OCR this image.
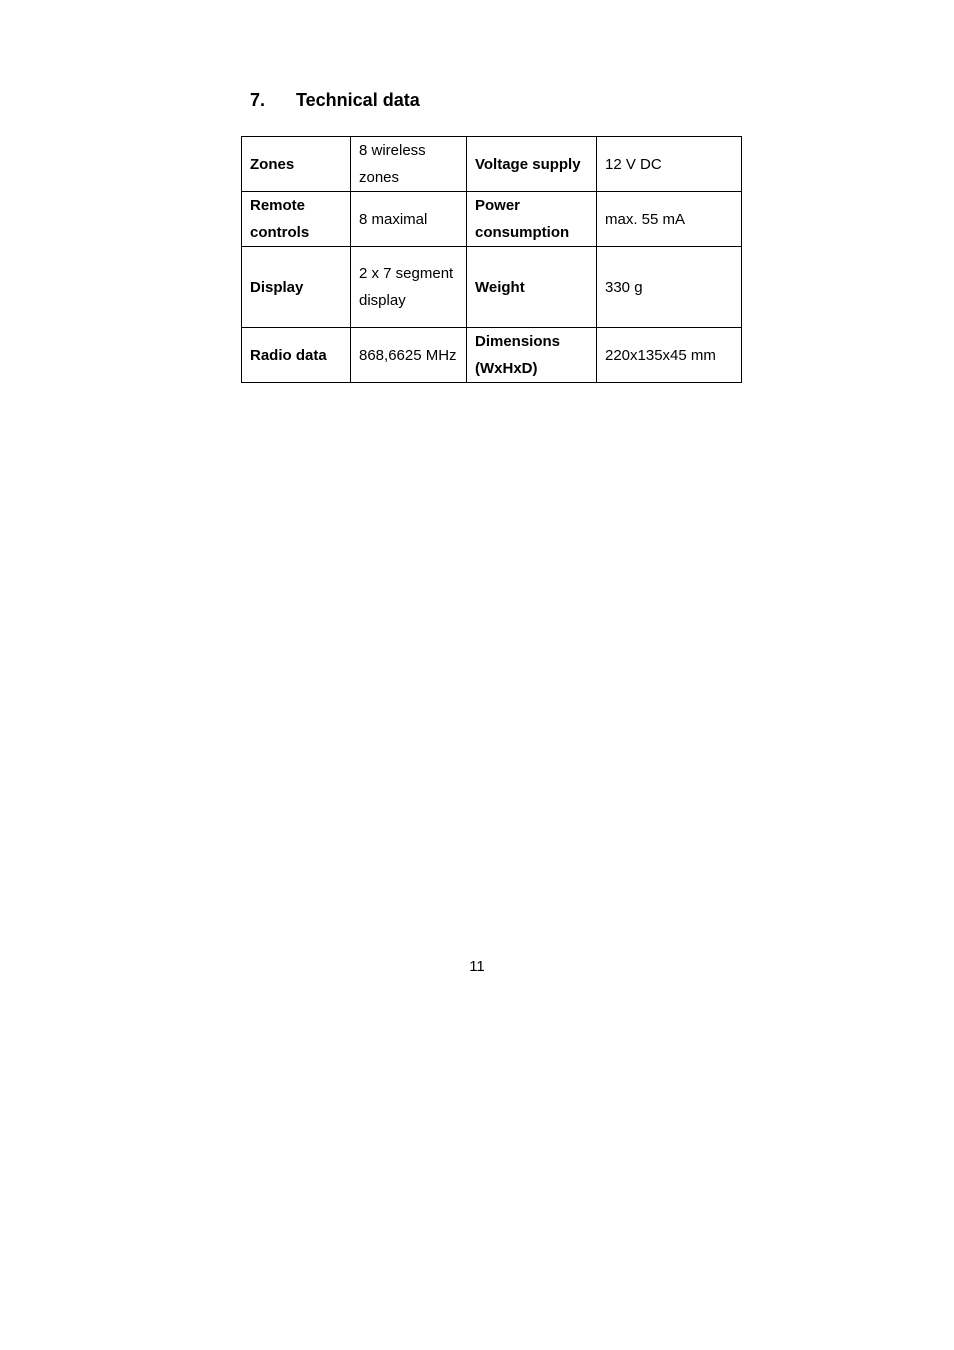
7.	Technical data
Zones	8 wireless zones	Voltage supply	12 V DC
Remote controls	8 maximal	Power consumption	max. 55 mA
Display	2 x 7 segment display	Weight	330 g
Radio data	868,6625 MHz	Dimensions (WxHxD)	220x135x45 mm
11
